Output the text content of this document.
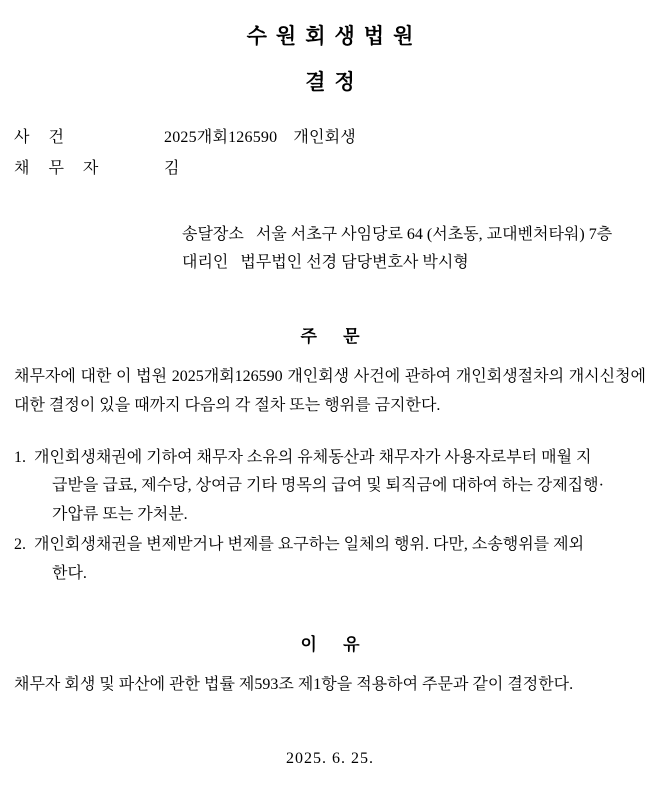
수원회생법원
결정
사건	2025개회126590 개인회생
채무자	김
송달장소 서울 서초구 사임당로 64 (서초동, 교대벤처타워) 7층
대리인 법무법인 선경 담당변호사 박시형
주 문
채무자에 대한 이 법원 2025개회126590 개인회생 사건에 관하여 개인회생절차의 개시신청에 대한 결정이 있을 때까지 다음의 각 절차 또는 행위를 금지한다.
1. 개인회생채권에 기하여 채무자 소유의 유체동산과 채무자가 사용자로부터 매월 지
급받을 급료, 제수당, 상여금 기타 명목의 급여 및 퇴직금에 대하여 하는 강제집행·
가압류 또는 가처분.
2. 개인회생채권을 변제받거나 변제를 요구하는 일체의 행위. 다만, 소송행위를 제외
한다.
이 유
채무자 회생 및 파산에 관한 법률 제593조 제1항을 적용하여 주문과 같이 결정한다.
2025. 6. 25.
